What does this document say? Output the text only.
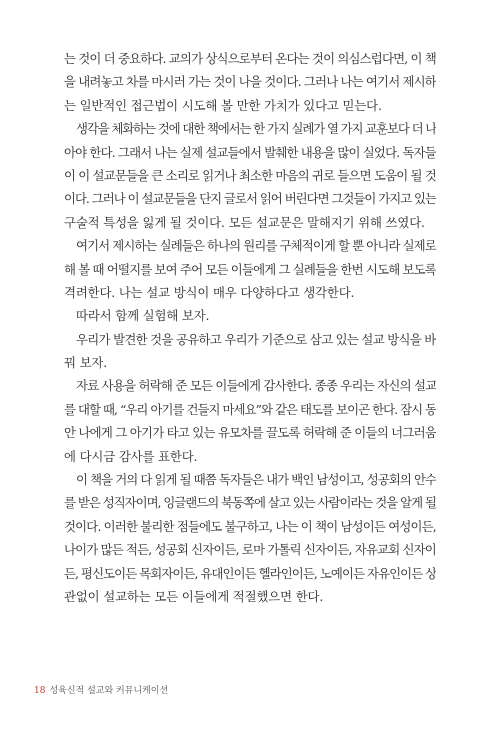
는 것이 더 중요하다. 교의가 상식으로부터 온다는 것이 의심스럽다면, 이 책
을 내려놓고 차를 마시러 가는 것이 나을 것이다. 그러나 나는 여기서 제시하
는 일반적인 접근법이 시도해 볼 만한 가치가 있다고 믿는다.
생각을 체화하는 것에 대한 책에서는 한 가지 실례가 열 가지 교훈보다 더 나
아야 한다. 그래서 나는 실제 설교들에서 발췌한 내용을 많이 실었다. 독자들
이 이 설교문들을 큰 소리로 읽거나 최소한 마음의 귀로 들으면 도움이 될 것
이다. 그러나 이 설교문들을 단지 글로서 읽어 버린다면 그것들이 가지고 있는
구술적 특성을 잃게 될 것이다. 모든 설교문은 말해지기 위해 쓰였다.
여기서 제시하는 실례들은 하나의 원리를 구체적이게 할 뿐 아니라 실제로
해 볼 때 어떨지를 보여 주어 모든 이들에게 그 실례들을 한번 시도해 보도록
격려한다. 나는 설교 방식이 매우 다양하다고 생각한다.
따라서 함께 실험해 보자.
우리가 발견한 것을 공유하고 우리가 기준으로 삼고 있는 설교 방식을 바
꿔 보자.
자료 사용을 허락해 준 모든 이들에게 감사한다. 종종 우리는 자신의 설교
를 대할 때, “우리 아기를 건들지 마세요”와 같은 태도를 보이곤 한다. 잠시 동
안 나에게 그 아기가 타고 있는 유모차를 끌도록 허락해 준 이들의 너그러움
에 다시금 감사를 표한다.
이 책을 거의 다 읽게 될 때쯤 독자들은 내가 백인 남성이고, 성공회의 안수
를 받은 성직자이며, 잉글랜드의 북동쪽에 살고 있는 사람이라는 것을 알게 될
것이다. 이러한 불리한 점들에도 불구하고, 나는 이 책이 남성이든 여성이든,
나이가 많든 적든, 성공회 신자이든, 로마 가톨릭 신자이든, 자유교회 신자이
든, 평신도이든 목회자이든, 유대인이든 헬라인이든, 노예이든 자유인이든 상
관없이 설교하는 모든 이들에게 적절했으면 한다.
18 성육신적 설교와 커뮤니케이션
